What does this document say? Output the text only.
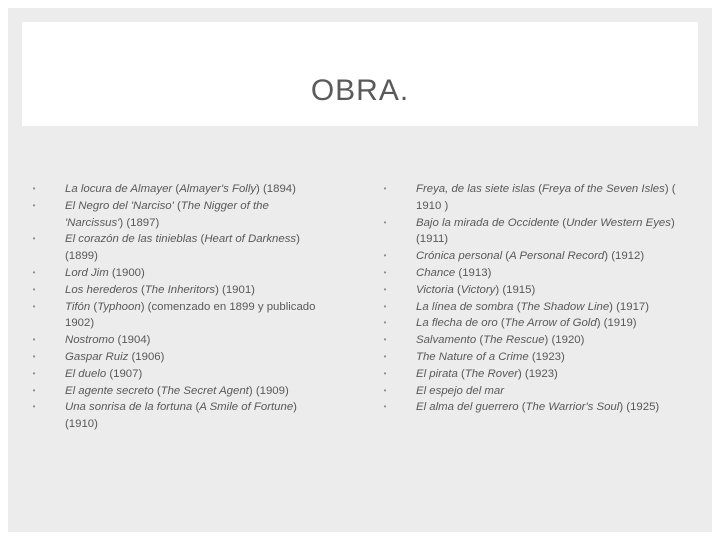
OBRA.
•	La locura de Almayer (Almayer's Folly) (1894)
•	El Negro del 'Narciso' (The Nigger of the 'Narcissus') (1897)
•	El corazón de las tinieblas (Heart of Darkness) (1899)
•	Lord Jim (1900)
•	Los herederos (The Inheritors) (1901)
•	Tifón (Typhoon) (comenzado en 1899 y publicado 1902)
•	Nostromo (1904)
•	Gaspar Ruiz (1906)
•	El duelo (1907)
•	El agente secreto (The Secret Agent) (1909)
•	Una sonrisa de la fortuna (A Smile of Fortune) (1910)
•	Freya, de las siete islas (Freya of the Seven Isles) ( 1910 )
•	Bajo la mirada de Occidente (Under Western Eyes) (1911)
•	Crónica personal (A Personal Record) (1912)
•	Chance (1913)
•	Victoria (Victory) (1915)
•	La línea de sombra (The Shadow Line) (1917)
•	La flecha de oro (The Arrow of Gold) (1919)
•	Salvamento (The Rescue) (1920)
•	The Nature of a Crime (1923)
•	El pirata (The Rover) (1923)
•	El espejo del mar
•	El alma del guerrero (The Warrior's Soul) (1925)
